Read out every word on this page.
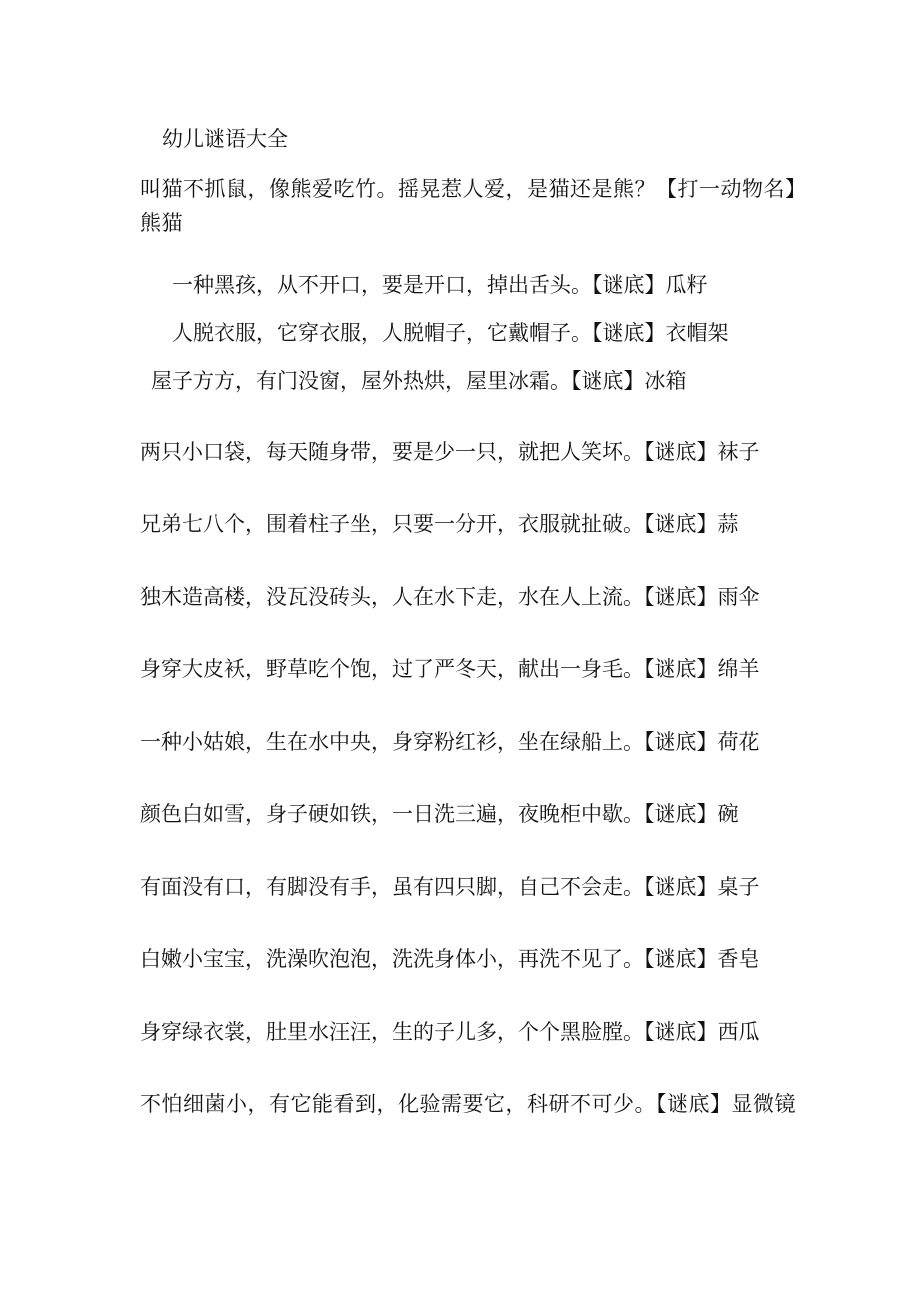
幼儿谜语大全
叫猫不抓鼠，像熊爱吃竹。摇晃惹人爱，是猫还是熊？【打一动物名】熊猫
一种黑孩，从不开口，要是开口，掉出舌头。【谜底】瓜籽
人脱衣服，它穿衣服，人脱帽子，它戴帽子。【谜底】衣帽架
屋子方方，有门没窗，屋外热烘，屋里冰霜。【谜底】冰箱
两只小口袋，每天随身带，要是少一只，就把人笑坏。【谜底】袜子
兄弟七八个，围着柱子坐，只要一分开，衣服就扯破。【谜底】蒜
独木造高楼，没瓦没砖头，人在水下走，水在人上流。【谜底】雨伞
身穿大皮袄，野草吃个饱，过了严冬天，献出一身毛。【谜底】绵羊
一种小姑娘，生在水中央，身穿粉红衫，坐在绿船上。【谜底】荷花
颜色白如雪，身子硬如铁，一日洗三遍，夜晚柜中歇。【谜底】碗
有面没有口，有脚没有手，虽有四只脚，自己不会走。【谜底】桌子
白嫩小宝宝，洗澡吹泡泡，洗洗身体小，再洗不见了。【谜底】香皂
身穿绿衣裳，肚里水汪汪，生的子儿多，个个黑脸膛。【谜底】西瓜
不怕细菌小，有它能看到，化验需要它，科研不可少。【谜底】显微镜
